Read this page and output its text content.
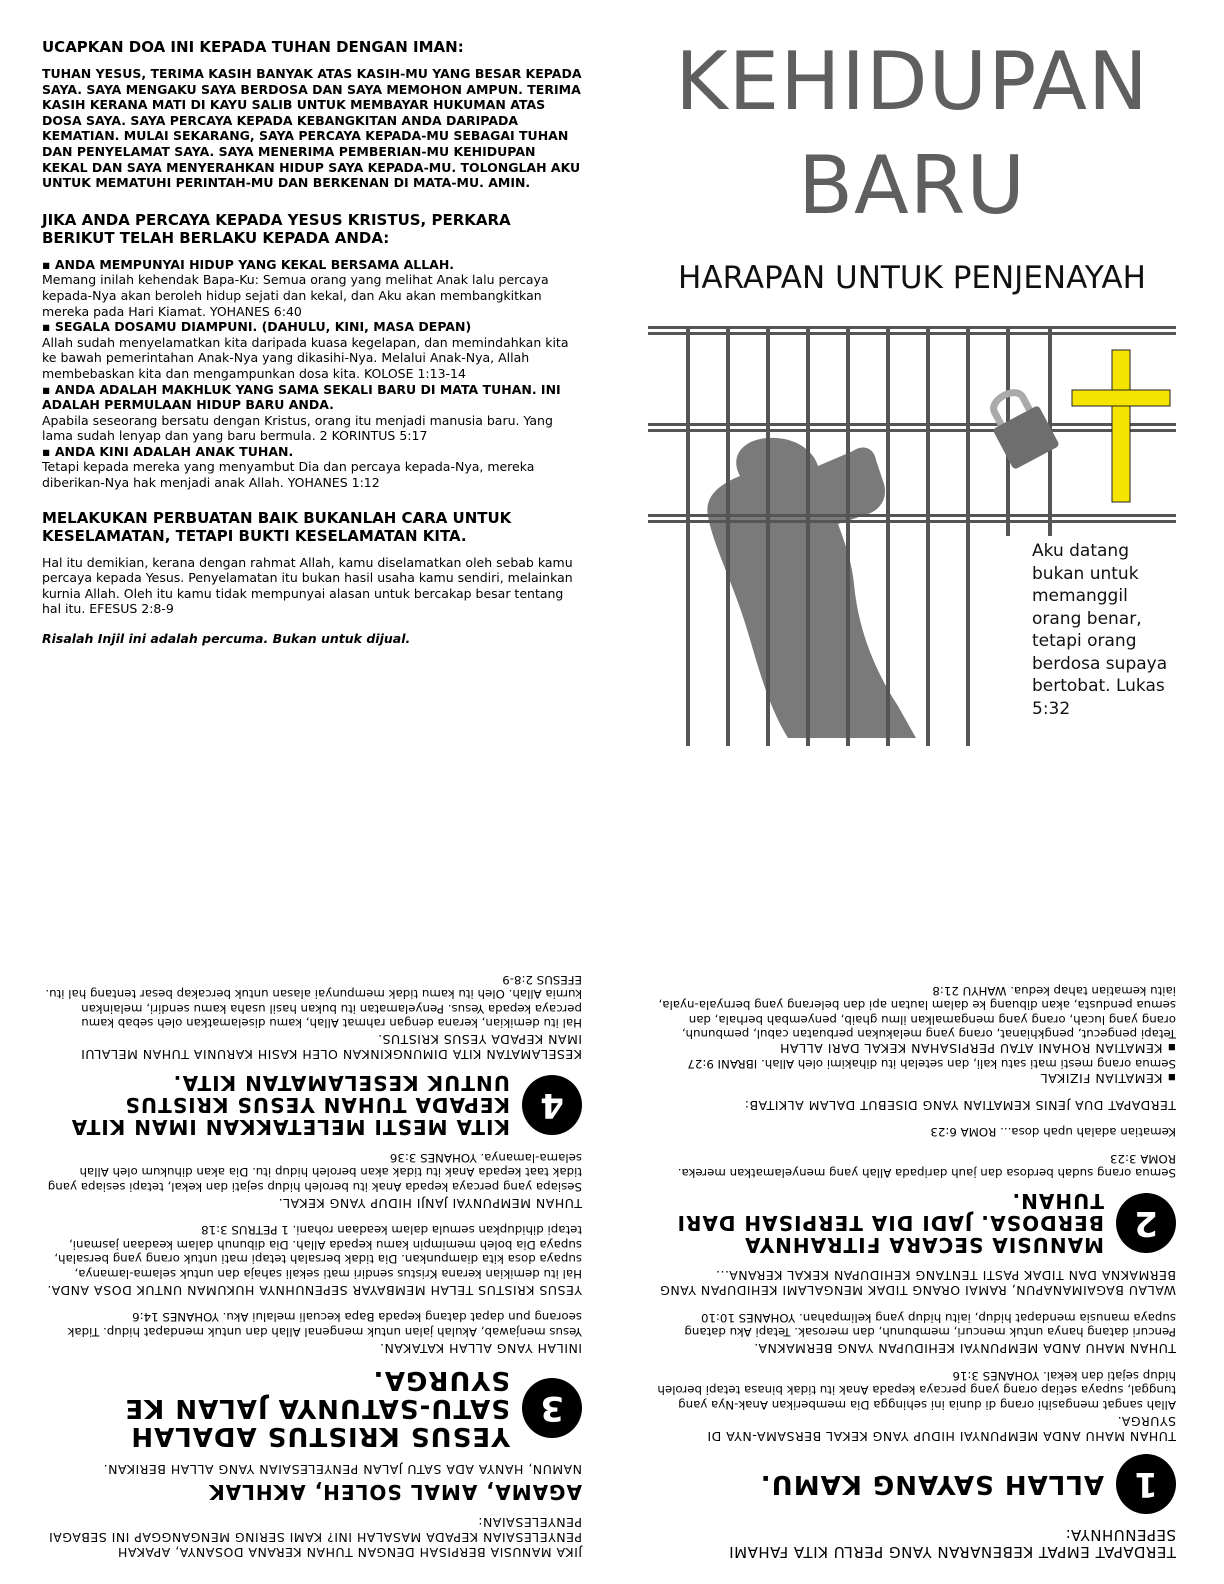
UCAPKAN DOA INI KEPADA TUHAN DENGAN IMAN:
TUHAN YESUS, TERIMA KASIH BANYAK ATAS KASIH-MU YANG BESAR KEPADA SAYA. SAYA MENGAKU SAYA BERDOSA DAN SAYA MEMOHON AMPUN. TERIMA KASIH KERANA MATI DI KAYU SALIB UNTUK MEMBAYAR HUKUMAN ATAS DOSA SAYA. SAYA PERCAYA KEPADA KEBANGKITAN ANDA DARIPADA KEMATIAN. MULAI SEKARANG, SAYA PERCAYA KEPADA-MU SEBAGAI TUHAN DAN PENYELAMAT SAYA. SAYA MENERIMA PEMBERIAN-MU KEHIDUPAN KEKAL DAN SAYA MENYERAHKAN HIDUP SAYA KEPADA-MU. TOLONGLAH AKU UNTUK MEMATUHI PERINTAH-MU DAN BERKENAN DI MATA-MU. AMIN.
JIKA ANDA PERCAYA KEPADA YESUS KRISTUS, PERKARA BERIKUT TELAH BERLAKU KEPADA ANDA:
▪ ANDA MEMPUNYAI HIDUP YANG KEKAL BERSAMA ALLAH.
Memang inilah kehendak Bapa-Ku: Semua orang yang melihat Anak lalu percaya kepada-Nya akan beroleh hidup sejati dan kekal, dan Aku akan membangkitkan mereka pada Hari Kiamat. YOHANES 6:40
▪ SEGALA DOSAMU DIAMPUNI. (DAHULU, KINI, MASA DEPAN)
Allah sudah menyelamatkan kita daripada kuasa kegelapan, dan memindahkan kita ke bawah pemerintahan Anak-Nya yang dikasihi-Nya. Melalui Anak-Nya, Allah membebaskan kita dan mengampunkan dosa kita. KOLOSE 1:13-14
▪ ANDA ADALAH MAKHLUK YANG SAMA SEKALI BARU DI MATA TUHAN. INI ADALAH PERMULAAN HIDUP BARU ANDA.
Apabila seseorang bersatu dengan Kristus, orang itu menjadi manusia baru. Yang lama sudah lenyap dan yang baru bermula. 2 KORINTUS 5:17
▪ ANDA KINI ADALAH ANAK TUHAN.
Tetapi kepada mereka yang menyambut Dia dan percaya kepada-Nya, mereka diberikan-Nya hak menjadi anak Allah. YOHANES 1:12
MELAKUKAN PERBUATAN BAIK BUKANLAH CARA UNTUK KESELAMATAN, TETAPI BUKTI KESELAMATAN KITA.
Hal itu demikian, kerana dengan rahmat Allah, kamu diselamatkan oleh sebab kamu percaya kepada Yesus. Penyelamatan itu bukan hasil usaha kamu sendiri, melainkan kurnia Allah. Oleh itu kamu tidak mempunyai alasan untuk bercakap besar tentang hal itu. EFESUS 2:8-9
Risalah Injil ini adalah percuma. Bukan untuk dijual.
KEHIDUPAN
BARU
HARAPAN UNTUK PENJENAYAH
Aku datang bukan untuk memanggil orang benar, tetapi orang berdosa supaya bertobat. Lukas 5:32
TERDAPAT EMPAT KEBENARAN YANG PERLU KITA FAHAMI SEPENUHNYA:
1
ALLAH SAYANG KAMU.
TUHAN MAHU ANDA MEMPUNYAI HIDUP YANG KEKAL BERSAMA-NYA DI SYURGA.
Allah sangat mengasihi orang di dunia ini sehingga Dia memberikan Anak-Nya yang tunggal, supaya setiap orang yang percaya kepada Anak itu tidak binasa tetapi beroleh hidup sejati dan kekal. YOHANES 3:16
TUHAN MAHU ANDA MEMPUNYAI KEHIDUPAN YANG BERMAKNA.
Pencuri datang hanya untuk mencuri, membunuh, dan merosak. Tetapi Aku datang supaya manusia mendapat hidup, iaitu hidup yang kelimpahan. YOHANES 10:10
WALAU BAGAIMANAPUN, RAMAI ORANG TIDAK MENGALAMI KEHIDUPAN YANG BERMAKNA DAN TIDAK PASTI TENTANG KEHIDUPAN KEKAL KERANA...
2
MANUSIA SECARA FITRAHNYA BERDOSA. JADI DIA TERPISAH DARI TUHAN.
Semua orang sudah berdosa dan jauh daripada Allah yang menyelamatkan mereka. ROMA 3:23
Kematian adalah upah dosa... ROMA 6:23
TERDAPAT DUA JENIS KEMATIAN YANG DISEBUT DALAM ALKITAB:
▪ KEMATIAN FIZIKAL
Semua orang mesti mati satu kali, dan setelah itu dihakimi oleh Allah. IBRANI 9:27
▪ KEMATIAN ROHANI ATAU PERPISAHAN KEKAL DARI ALLAH
Tetapi pengecut, pengkhianat, orang yang melakukan perbuatan cabul, pembunuh, orang yang lucah, orang yang mengamalkan ilmu ghaib, penyembah berhala, dan semua pendusta, akan dibuang ke dalam lautan api dan belerang yang bernyala-nyala, iaitu kematian tahap kedua. WAHYU 21:8
JIKA MANUSIA BERPISAH DENGAN TUHAN KERANA DOSANYA, APAKAH PENYELESAIAN KEPADA MASALAH INI? KAMI SERING MENGANGGAP INI SEBAGAI PENYELESAIAN:
AGAMA, AMAL SOLEH, AKHLAK
NAMUN, HANYA ADA SATU JALAN PENYELESAIAN YANG ALLAH BERIKAN.
3
YESUS KRISTUS ADALAH SATU-SATUNYA JALAN KE SYURGA.
INILAH YANG ALLAH KATAKAN.
Yesus menjawab, Akulah jalan untuk mengenal Allah dan untuk mendapat hidup. Tidak seorang pun dapat datang kepada Bapa kecuali melalui Aku. YOHANES 14:6
YESUS KRISTUS TELAH MEMBAYAR SEPENUHNYA HUKUMAN UNTUK DOSA ANDA.
Hal itu demikian kerana Kristus sendiri mati sekali sahaja dan untuk selama-lamanya, supaya dosa kita diampunkan. Dia tidak bersalah tetapi mati untuk orang yang bersalah, supaya Dia boleh memimpin kamu kepada Allah. Dia dibunuh dalam keadaan jasmani, tetapi dihidupkan semula dalam keadaan rohani. 1 PETRUS 3:18
TUHAN MEMPUNYAI JANJI HIDUP YANG KEKAL.
Sesiapa yang percaya kepada Anak itu beroleh hidup sejati dan kekal, tetapi sesiapa yang tidak taat kepada Anak itu tidak akan beroleh hidup itu. Dia akan dihukum oleh Allah selama-lamanya. YOHANES 3:36
4
KITA MESTI MELETAKKAN IMAN KITA KEPADA TUHAN YESUS KRISTUS UNTUK KESELAMATAN KITA.
KESELAMATAN KITA DIMUNGKINKAN OLEH KASIH KARUNIA TUHAN MELALUI IMAN KEPADA YESUS KRISTUS.
Hal itu demikian, kerana dengan rahmat Allah, kamu diselamatkan oleh sebab kamu percaya kepada Yesus. Penyelamatan itu bukan hasil usaha kamu sendiri, melainkan kurnia Allah. Oleh itu kamu tidak mempunyai alasan untuk bercakap besar tentang hal itu. EFESUS 2:8-9
